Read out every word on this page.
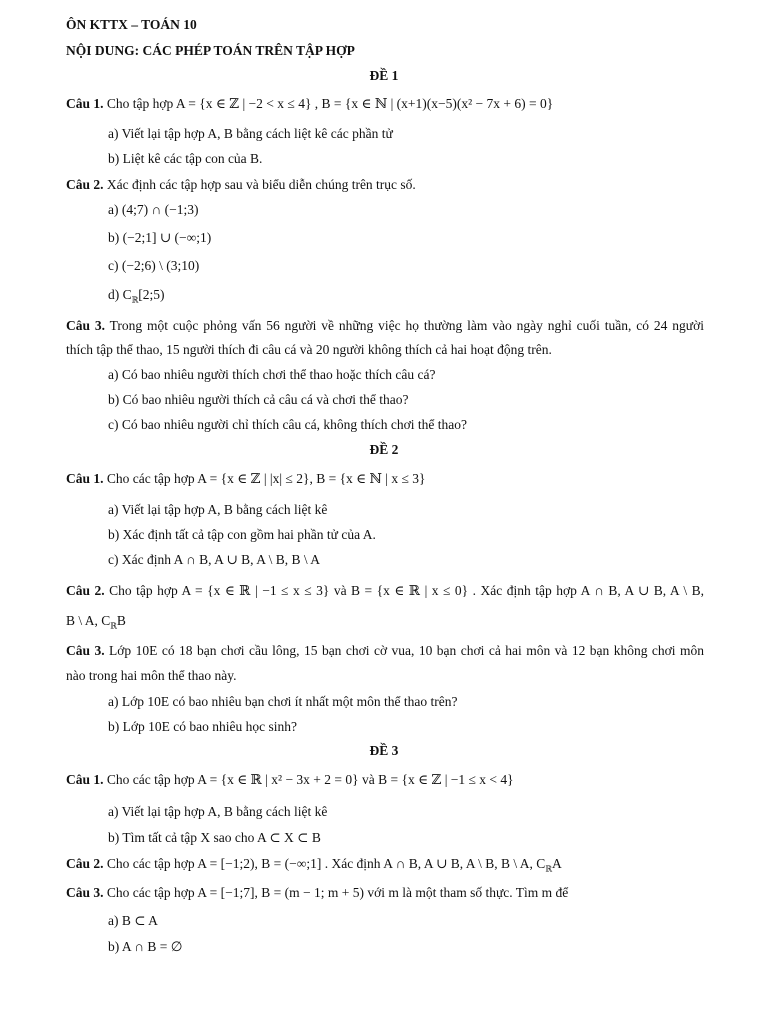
ÔN KTTX – TOÁN 10
NỘI DUNG: CÁC PHÉP TOÁN TRÊN TẬP HỢP
ĐỀ 1
Câu 1. Cho tập hợp A = {x ∈ ℤ | −2 < x ≤ 4} , B = {x ∈ ℕ | (x+1)(x−5)(x² − 7x + 6) = 0}
a) Viết lại tập hợp A, B bằng cách liệt kê các phần tử
b) Liệt kê các tập con của B.
Câu 2. Xác định các tập hợp sau và biểu diễn chúng trên trục số.
a) (4;7) ∩ (−1;3)
b) (−2;1] ∪ (−∞;1)
c) (−2;6) \ (3;10)
d) $C_ℝ[2;5)$
Câu 3. Trong một cuộc phỏng vấn 56 người về những việc họ thường làm vào ngày nghỉ cuối tuần, có 24 người
thích tập thể thao, 15 người thích đi câu cá và 20 người không thích cả hai hoạt động trên.
a) Có bao nhiêu người thích chơi thể thao hoặc thích câu cá?
b) Có bao nhiêu người thích cả câu cá và chơi thể thao?
c) Có bao nhiêu người chỉ thích câu cá, không thích chơi thể thao?
ĐỀ 2
Câu 1. Cho các tập hợp A = {x ∈ ℤ | |x| ≤ 2}, B = {x ∈ ℕ | x ≤ 3}
a) Viết lại tập hợp A, B bằng cách liệt kê
b) Xác định tất cả tập con gồm hai phần tử của A.
c) Xác định A ∩ B, A ∪ B, A \ B, B \ A
Câu 2. Cho tập hợp A = {x ∈ ℝ | −1 ≤ x ≤ 3} và B = {x ∈ ℝ | x ≤ 0} . Xác định tập hợp A ∩ B, A ∪ B, A \ B,
B \ A, $C_ℝB$
Câu 3. Lớp 10E có 18 bạn chơi cầu lông, 15 bạn chơi cờ vua, 10 bạn chơi cả hai môn và 12 bạn không chơi môn
nào trong hai môn thể thao này.
a) Lớp 10E có bao nhiêu bạn chơi ít nhất một môn thể thao trên?
b) Lớp 10E có bao nhiêu học sinh?
ĐỀ 3
Câu 1. Cho các tập hợp A = {x ∈ ℝ | x² − 3x + 2 = 0} và B = {x ∈ ℤ | −1 ≤ x < 4}
a) Viết lại tập hợp A, B bằng cách liệt kê
b) Tìm tất cả tập X sao cho A ⊂ X ⊂ B
Câu 2. Cho các tập hợp A = [−1;2), B = (−∞;1] . Xác định A ∩ B, A ∪ B, A \ B, B \ A, $C_ℝA$
Câu 3. Cho các tập hợp A = [−1;7], B = (m − 1; m + 5) với m là một tham số thực. Tìm m để
a) B ⊂ A
b) A ∩ B = ∅
